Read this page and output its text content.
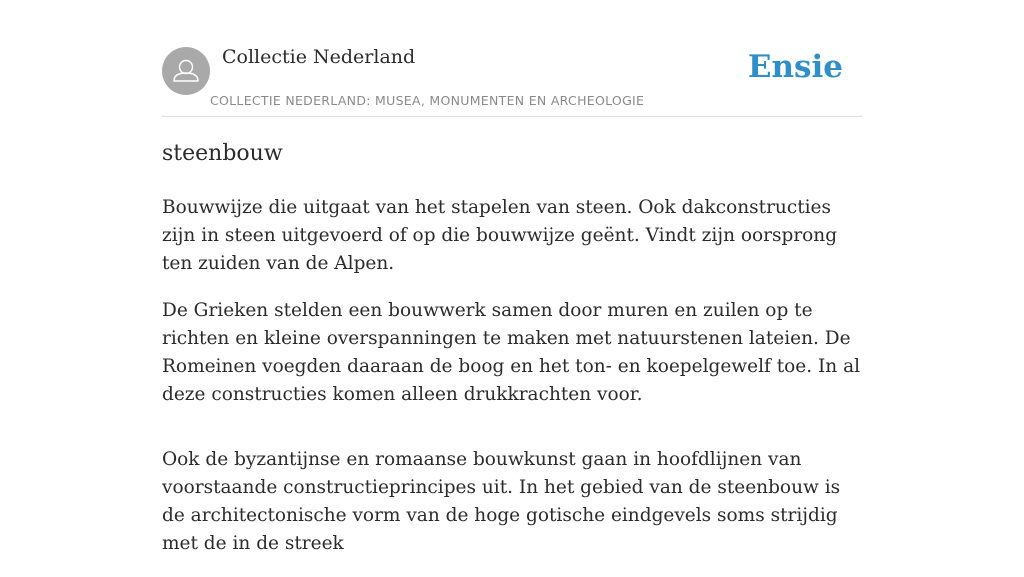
Collectie Nederland
COLLECTIE NEDERLAND: MUSEA, MONUMENTEN EN ARCHEOLOGIE
Ensie
steenbouw

Bouwwijze die uitgaat van het stapelen van steen. Ook dakconstructies zijn in steen uitgevoerd of op die bouwwijze geënt. Vindt zijn oorsprong ten zuiden van de Alpen.

De Grieken stelden een bouwwerk samen door muren en zuilen op te richten en kleine overspanningen te maken met natuurstenen lateien. De Romeinen voegden daaraan de boog en het ton- en koepelgewelf toe. In al deze constructies komen alleen drukkrachten voor.

Ook de byzantijnse en romaanse bouwkunst gaan in hoofdlijnen van voorstaande constructieprincipes uit. In het gebied van de steenbouw is de architectonische vorm van de hoge gotische eindgevels soms strijdig met de in de streek
